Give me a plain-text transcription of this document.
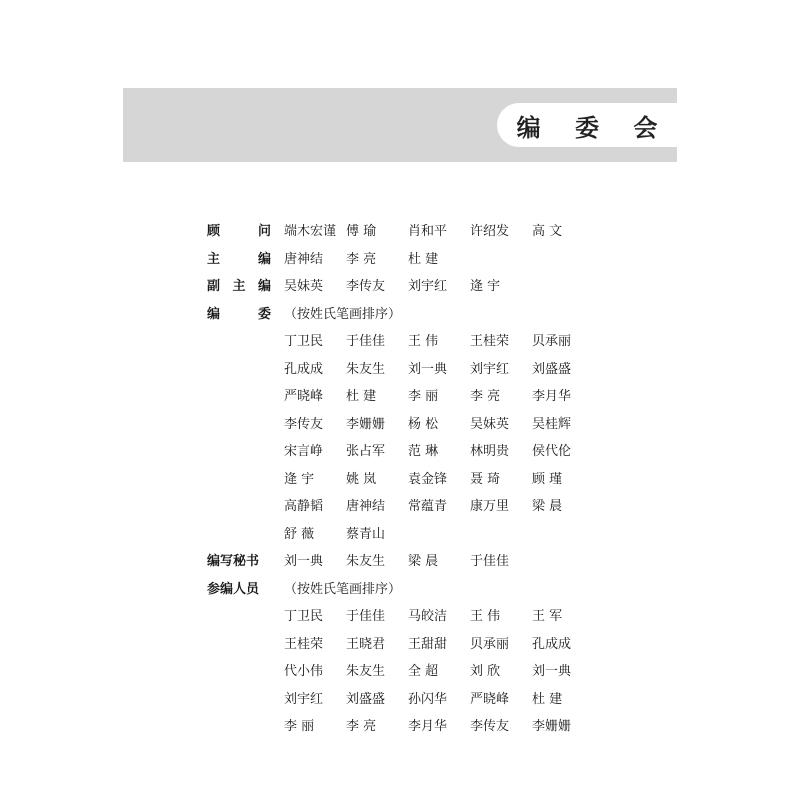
编 委 会
顾问 端木宏谨 傅 瑜 肖和平 许绍发 高 文
主编 唐神结 李 亮 杜 建
副主编 吴妹英 李传友 刘宇红 逄 宇
编委 （按姓氏笔画排序）
丁卫民 于佳佳 王 伟 王桂荣 贝承丽
孔成成 朱友生 刘一典 刘宇红 刘盛盛
严晓峰 杜 建 李 丽 李 亮 李月华
李传友 李姗姗 杨 松 吴妹英 吴桂辉
宋言峥 张占军 范 琳 林明贵 侯代伦
逄 宇 姚 岚 袁金锋 聂 琦 顾 瑾
高静韬 唐神结 常蕴青 康万里 梁 晨
舒 薇 蔡青山
编写秘书	刘一典 朱友生 梁 晨 于佳佳
参编人员	（按姓氏笔画排序）
丁卫民 于佳佳 马皎洁 王 伟 王 军
王桂荣 王晓君 王甜甜 贝承丽 孔成成
代小伟 朱友生 全 超 刘 欣 刘一典
刘宇红 刘盛盛 孙闪华 严晓峰 杜 建
李 丽 李 亮 李月华 李传友 李姗姗
